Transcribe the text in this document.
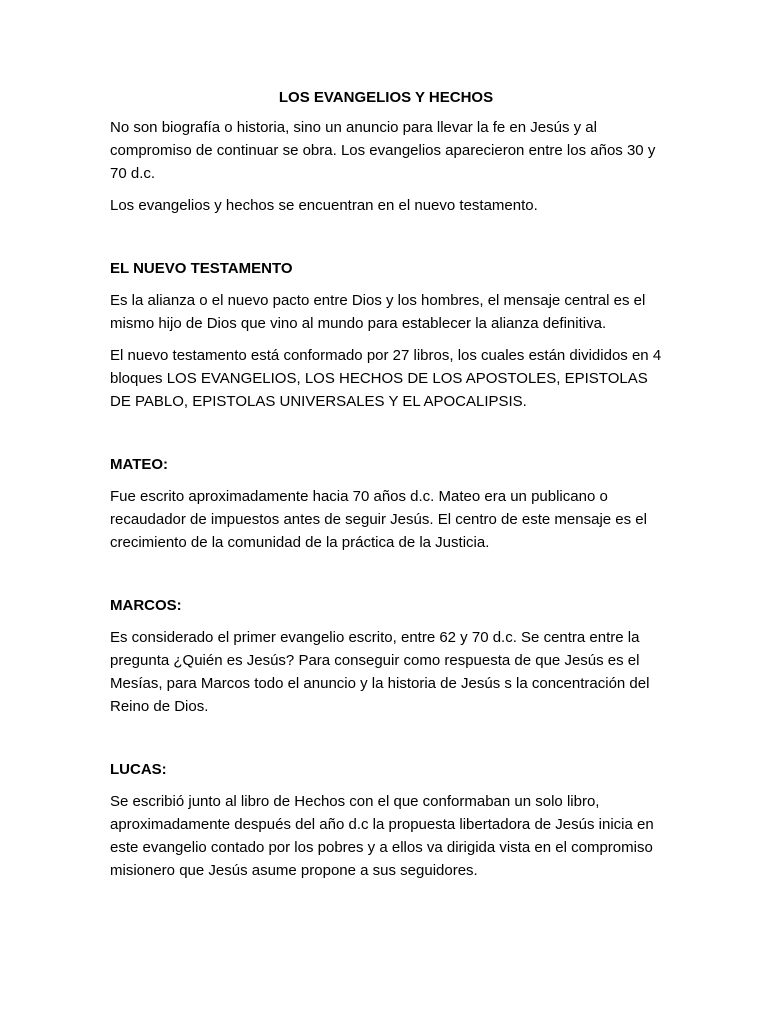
LOS EVANGELIOS Y HECHOS

No son biografía o historia, sino un anuncio para llevar la fe en Jesús y al compromiso de continuar se obra. Los evangelios aparecieron entre los años 30 y 70 d.c.

Los evangelios y hechos se encuentran en el nuevo testamento.

EL NUEVO TESTAMENTO

Es la alianza o el nuevo pacto entre Dios y los hombres, el mensaje central es el mismo hijo de Dios que vino al mundo para establecer la alianza definitiva.

El nuevo testamento está conformado por 27 libros, los cuales están divididos en 4 bloques LOS EVANGELIOS, LOS HECHOS DE LOS APOSTOLES, EPISTOLAS DE PABLO, EPISTOLAS UNIVERSALES Y EL APOCALIPSIS.

MATEO:

Fue escrito aproximadamente hacia 70 años d.c. Mateo era un publicano o recaudador de impuestos antes de seguir Jesús. El centro de este mensaje es el crecimiento de la comunidad de la práctica de la Justicia.

MARCOS:

Es considerado el primer evangelio escrito, entre 62 y 70 d.c. Se centra entre la pregunta ¿Quién es Jesús? Para conseguir como respuesta de que Jesús es el Mesías, para Marcos todo el anuncio y la historia de Jesús s la concentración del Reino de Dios.

LUCAS:

Se escribió junto al libro de Hechos con el que conformaban un solo libro, aproximadamente después del año d.c la propuesta libertadora de Jesús inicia en este evangelio contado por los pobres y a ellos va dirigida vista en el compromiso misionero que Jesús asume propone a sus seguidores.
